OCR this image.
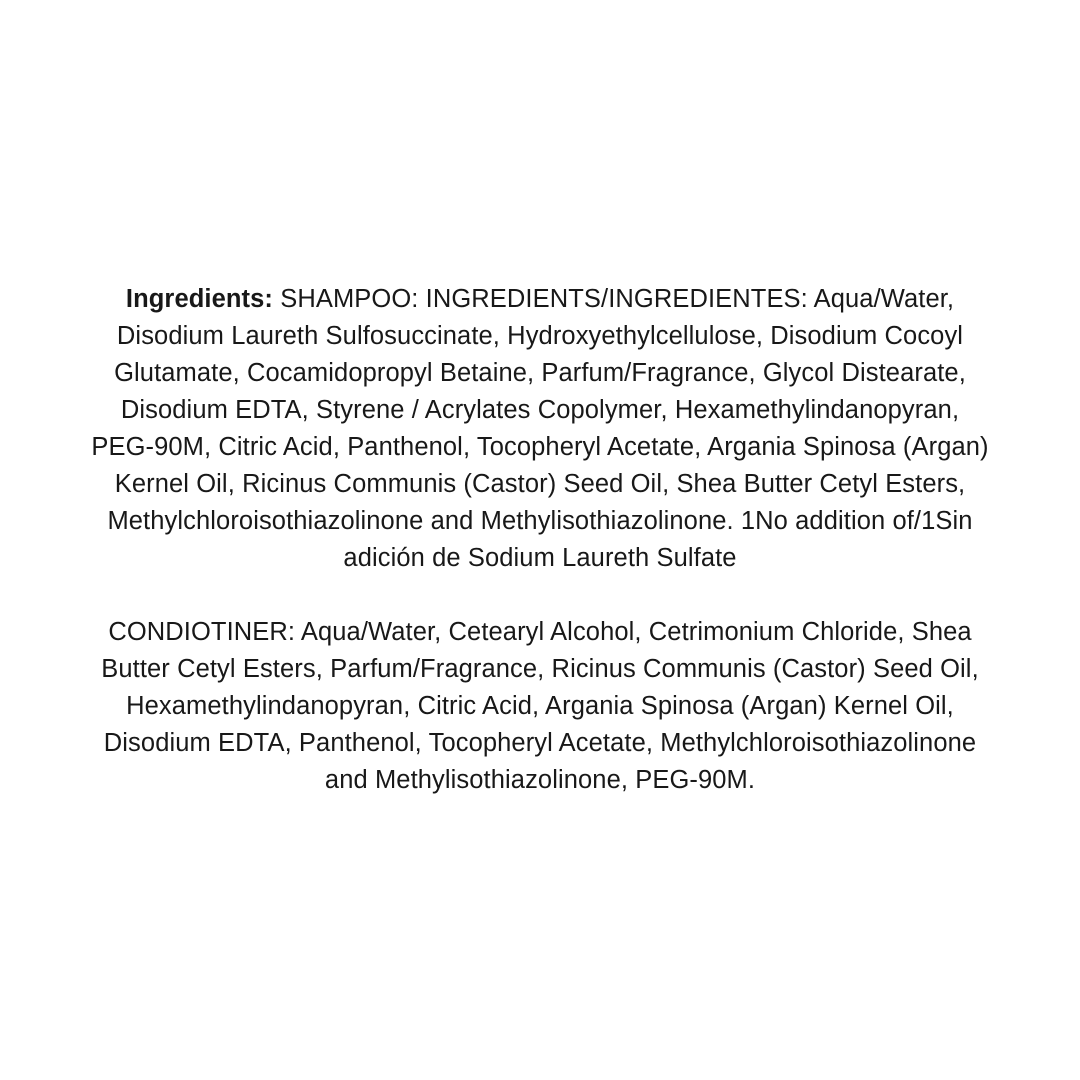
Ingredients: SHAMPOO: INGREDIENTS/INGREDIENTES: Aqua/Water, Disodium Laureth Sulfosuccinate, Hydroxyethylcellulose, Disodium Cocoyl Glutamate, Cocamidopropyl Betaine, Parfum/Fragrance, Glycol Distearate, Disodium EDTA, Styrene / Acrylates Copolymer, Hexamethylindanopyran, PEG-90M, Citric Acid, Panthenol, Tocopheryl Acetate, Argania Spinosa (Argan) Kernel Oil, Ricinus Communis (Castor) Seed Oil, Shea Butter Cetyl Esters, Methylchloroisothiazolinone and Methylisothiazolinone. 1No addition of/1Sin adición de Sodium Laureth Sulfate

CONDIOTINER: Aqua/Water, Cetearyl Alcohol, Cetrimonium Chloride, Shea Butter Cetyl Esters, Parfum/Fragrance, Ricinus Communis (Castor) Seed Oil, Hexamethylindanopyran, Citric Acid, Argania Spinosa (Argan) Kernel Oil, Disodium EDTA, Panthenol, Tocopheryl Acetate, Methylchloroisothiazolinone and Methylisothiazolinone, PEG-90M.
